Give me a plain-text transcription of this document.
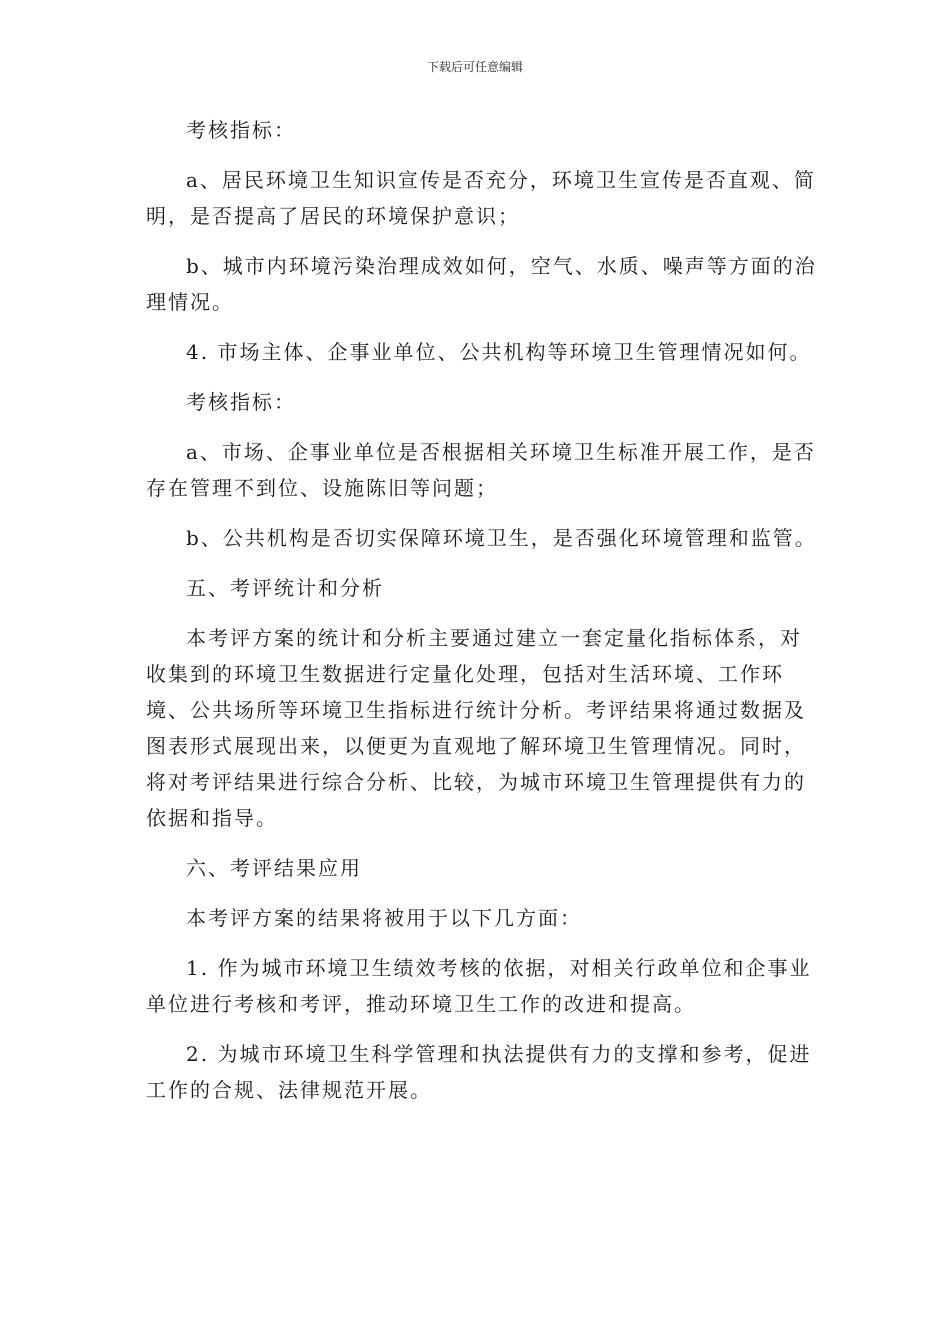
下载后可任意编辑

考核指标：

a、居民环境卫生知识宣传是否充分，环境卫生宣传是否直观、简明，是否提高了居民的环境保护意识；

b、城市内环境污染治理成效如何，空气、水质、噪声等方面的治理情况。

4. 市场主体、企事业单位、公共机构等环境卫生管理情况如何。

考核指标：

a、市场、企事业单位是否根据相关环境卫生标准开展工作，是否存在管理不到位、设施陈旧等问题；

b、公共机构是否切实保障环境卫生，是否强化环境管理和监管。

五、考评统计和分析

本考评方案的统计和分析主要通过建立一套定量化指标体系，对收集到的环境卫生数据进行定量化处理，包括对生活环境、工作环境、公共场所等环境卫生指标进行统计分析。考评结果将通过数据及图表形式展现出来，以便更为直观地了解环境卫生管理情况。同时，将对考评结果进行综合分析、比较，为城市环境卫生管理提供有力的依据和指导。

六、考评结果应用

本考评方案的结果将被用于以下几方面：

1. 作为城市环境卫生绩效考核的依据，对相关行政单位和企事业单位进行考核和考评，推动环境卫生工作的改进和提高。

2. 为城市环境卫生科学管理和执法提供有力的支撑和参考，促进工作的合规、法律规范开展。
